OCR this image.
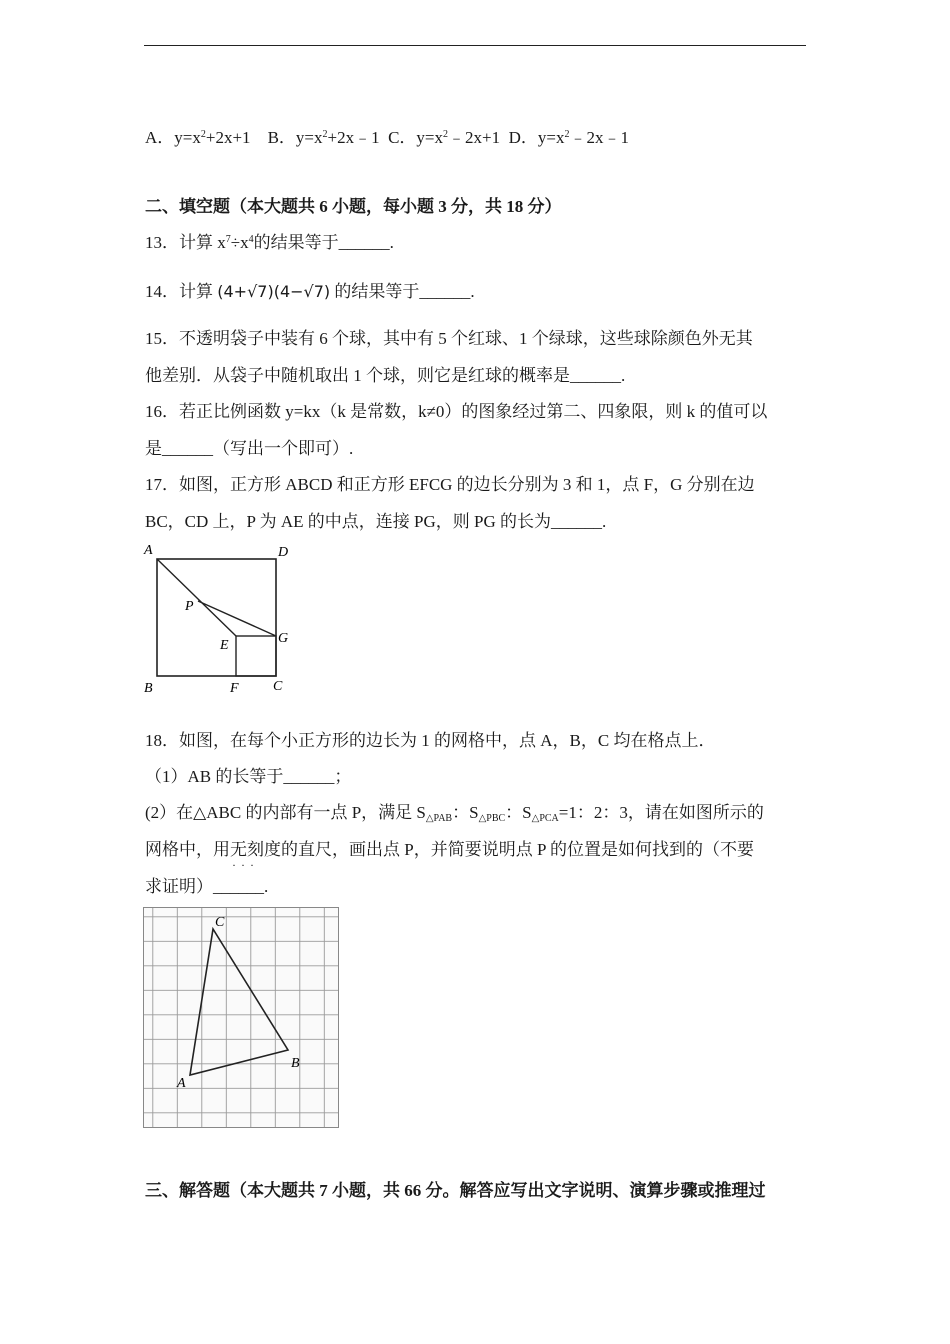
A．$y=x^2+2x+1$ B．$y=x^2+2x﹣1$ C．$y=x^2﹣2x+1$ D．$y=x^2﹣2x﹣1$
二、填空题（本大题共 6 小题，每小题 3 分，共 18 分）
13．计算 $x^7\div x^4$的结果等于______.
14．计算 (4+√7)(4−√7) 的结果等于______.
15．不透明袋子中装有 6 个球，其中有 5 个红球、1 个绿球，这些球除颜色外无其
他差别．从袋子中随机取出 1 个球，则它是红球的概率是______.
16．若正比例函数 y=kx（k 是常数，k≠0）的图象经过第二、四象限，则 k 的值可以
是______（写出一个即可）.
17．如图，正方形 ABCD 和正方形 EFCG 的边长分别为 3 和 1，点 F，G 分别在边
BC，CD 上，P 为 AE 的中点，连接 PG，则 PG 的长为______.
A	D
P
E	G
B	F C
18．如图，在每个小正方形的边长为 1 的网格中，点 A，B，C 均在格点上．
（1）AB 的长等于______；
(2）在△ABC 的内部有一点 P，满足 $S_{\triangle PAB}$：$S_{\triangle PBC}$：$S_{\triangle PCA}=1$：2：3，请在如图所示的
网格中，用无刻度 · · ·的直尺，画出点 P，并简要说明点 P 的位置是如何找到的（不要
求证明）______.
A
B
C
三、解答题（本大题共 7 小题，共 66 分。解答应写出文字说明、演算步骤或推理过
